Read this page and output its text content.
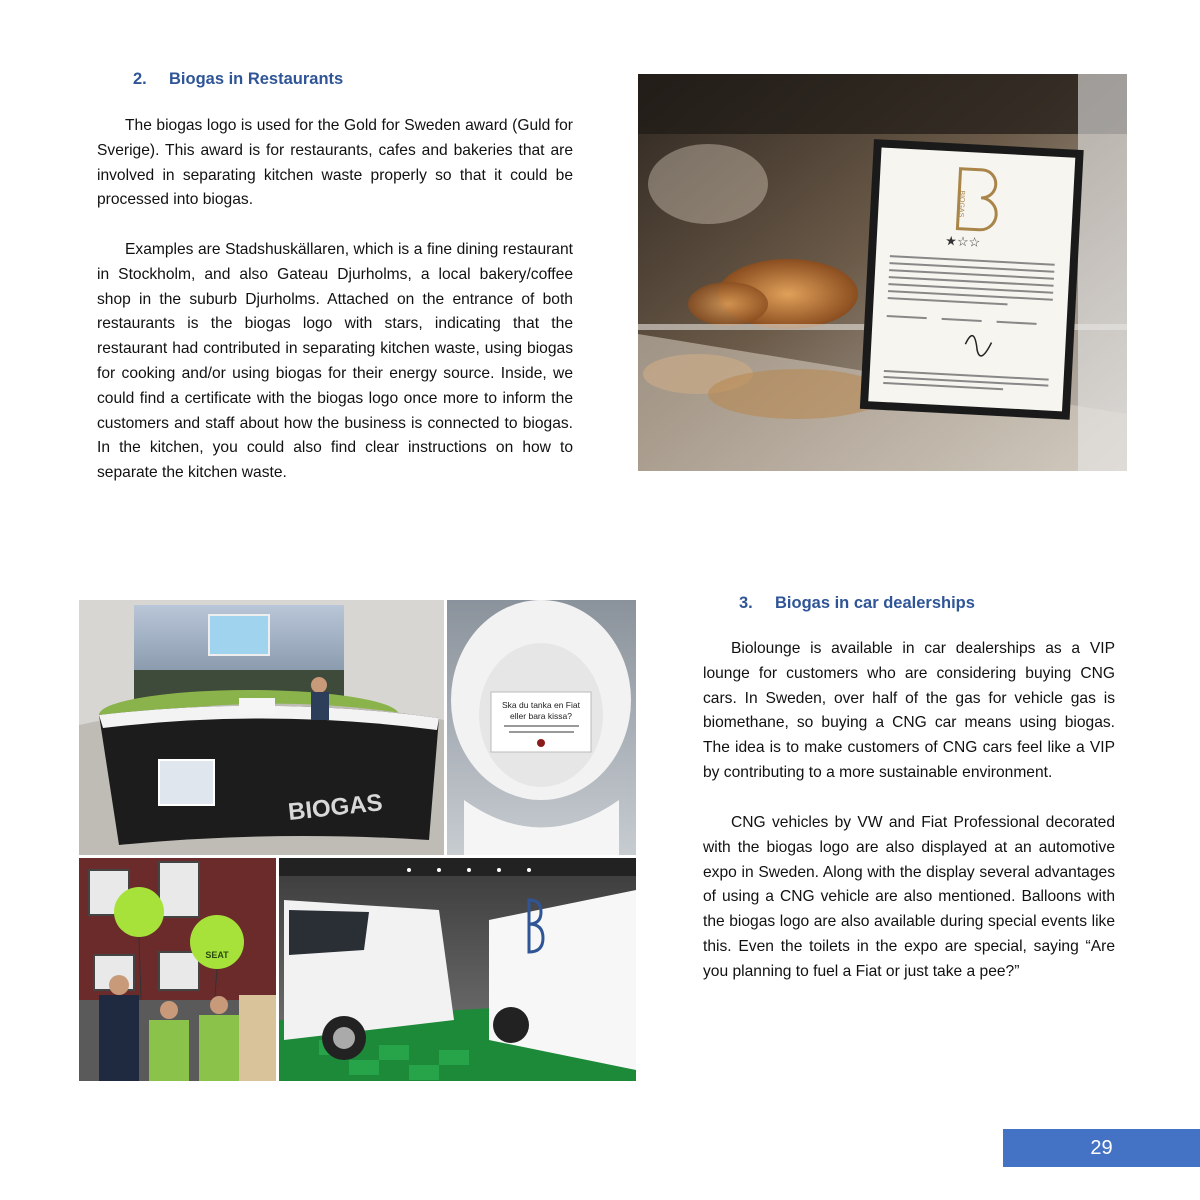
2. Biogas in Restaurants

The biogas logo is used for the Gold for Sweden award (Guld for Sverige). This award is for restaurants, cafes and bakeries that are involved in separating kitchen waste properly so that it could be processed into biogas.

Examples are Stadshuskällaren, which is a fine dining restaurant in Stockholm, and also Gateau Djurholms, a local bakery/coffee shop in the suburb Djurholms. Attached on the entrance of both restaurants is the biogas logo with stars, indicating that the restaurant had contributed in separating kitchen waste, using biogas for cooking and/or using biogas for their energy source. Inside, we could find a certificate with the biogas logo once more to inform the customers and staff about how the business is connected to biogas. In the kitchen, you could also find clear instructions on how to separate the kitchen waste.

BIOGAS
★☆☆
BIOGAS
Ska du tanka en Fiat
eller bara kissa?
SEAT
3. Biogas in car dealerships

Biolounge is available in car dealerships as a VIP lounge for customers who are considering buying CNG cars. In Sweden, over half of the gas for vehicle gas is biomethane, so buying a CNG car means using biogas. The idea is to make customers of CNG cars feel like a VIP by contributing to a more sustainable environment.

CNG vehicles by VW and Fiat Professional decorated with the biogas logo are also displayed at an automotive expo in Sweden. Along with the display several advantages of using a CNG vehicle are also mentioned. Balloons with the biogas logo are also available during special events like this. Even the toilets in the expo are special, saying “Are you planning to fuel a Fiat or just take a pee?”

29
